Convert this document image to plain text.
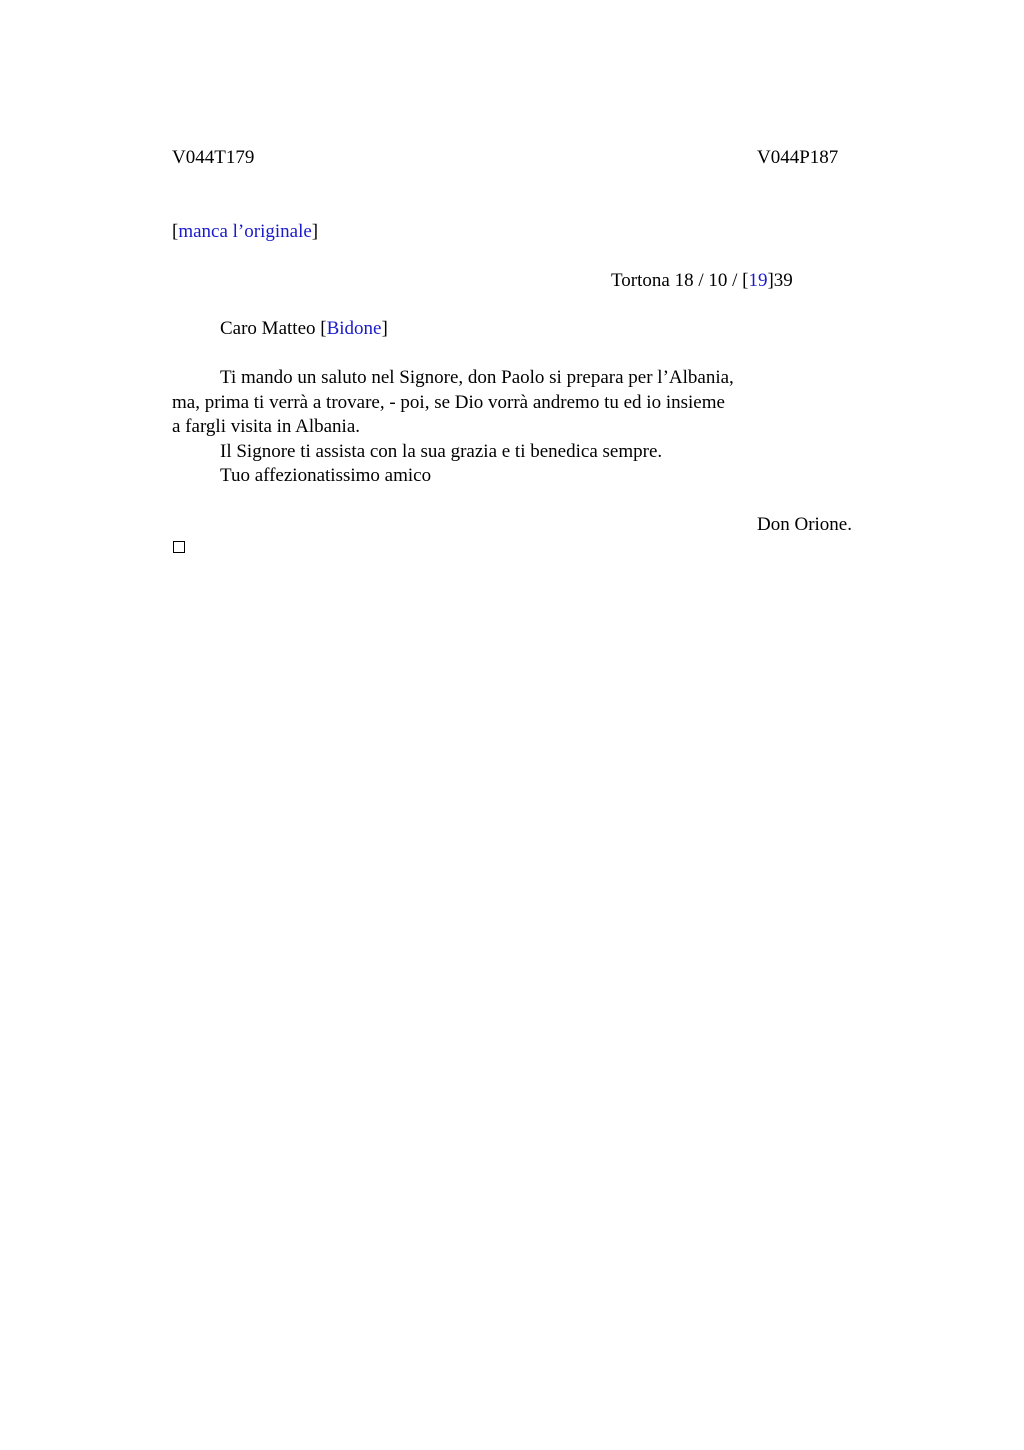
V044T179	V044P187
[manca l’originale]
Tortona 18 / 10 / [19]39
Caro Matteo [Bidone]
Ti mando un saluto nel Signore, don Paolo si prepara per l’Albania,
ma, prima ti verrà a trovare, - poi, se Dio vorrà andremo tu ed io insieme
a fargli visita in Albania.
Il Signore ti assista con la sua grazia e ti benedica sempre.
Tuo affezionatissimo amico
Don Orione.
